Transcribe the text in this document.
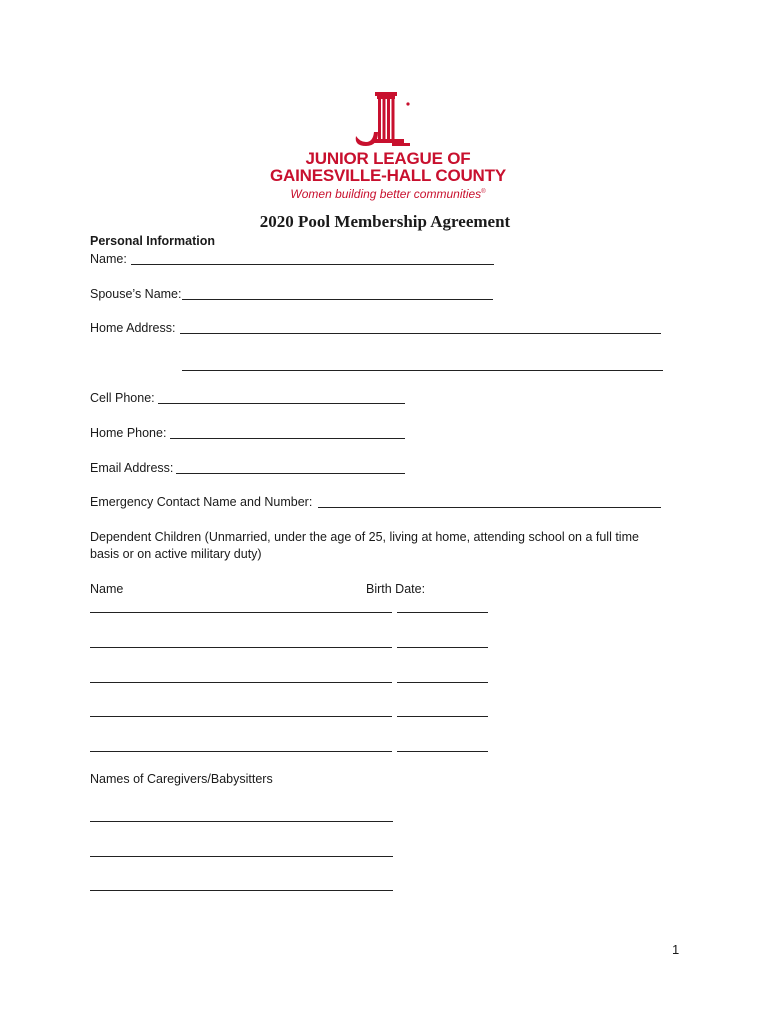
JUNIOR LEAGUE OF
GAINESVILLE-HALL COUNTY
Women building better communities®
2020 Pool Membership Agreement
Personal Information
Name:
Spouse’s Name:
Home Address:
Cell Phone:
Home Phone:
Email Address:
Emergency Contact Name and Number:
Dependent Children (Unmarried, under the age of 25, living at home, attending school on a full time
basis or on active military duty)
Name	Birth Date:
Names of Caregivers/Babysitters
1
